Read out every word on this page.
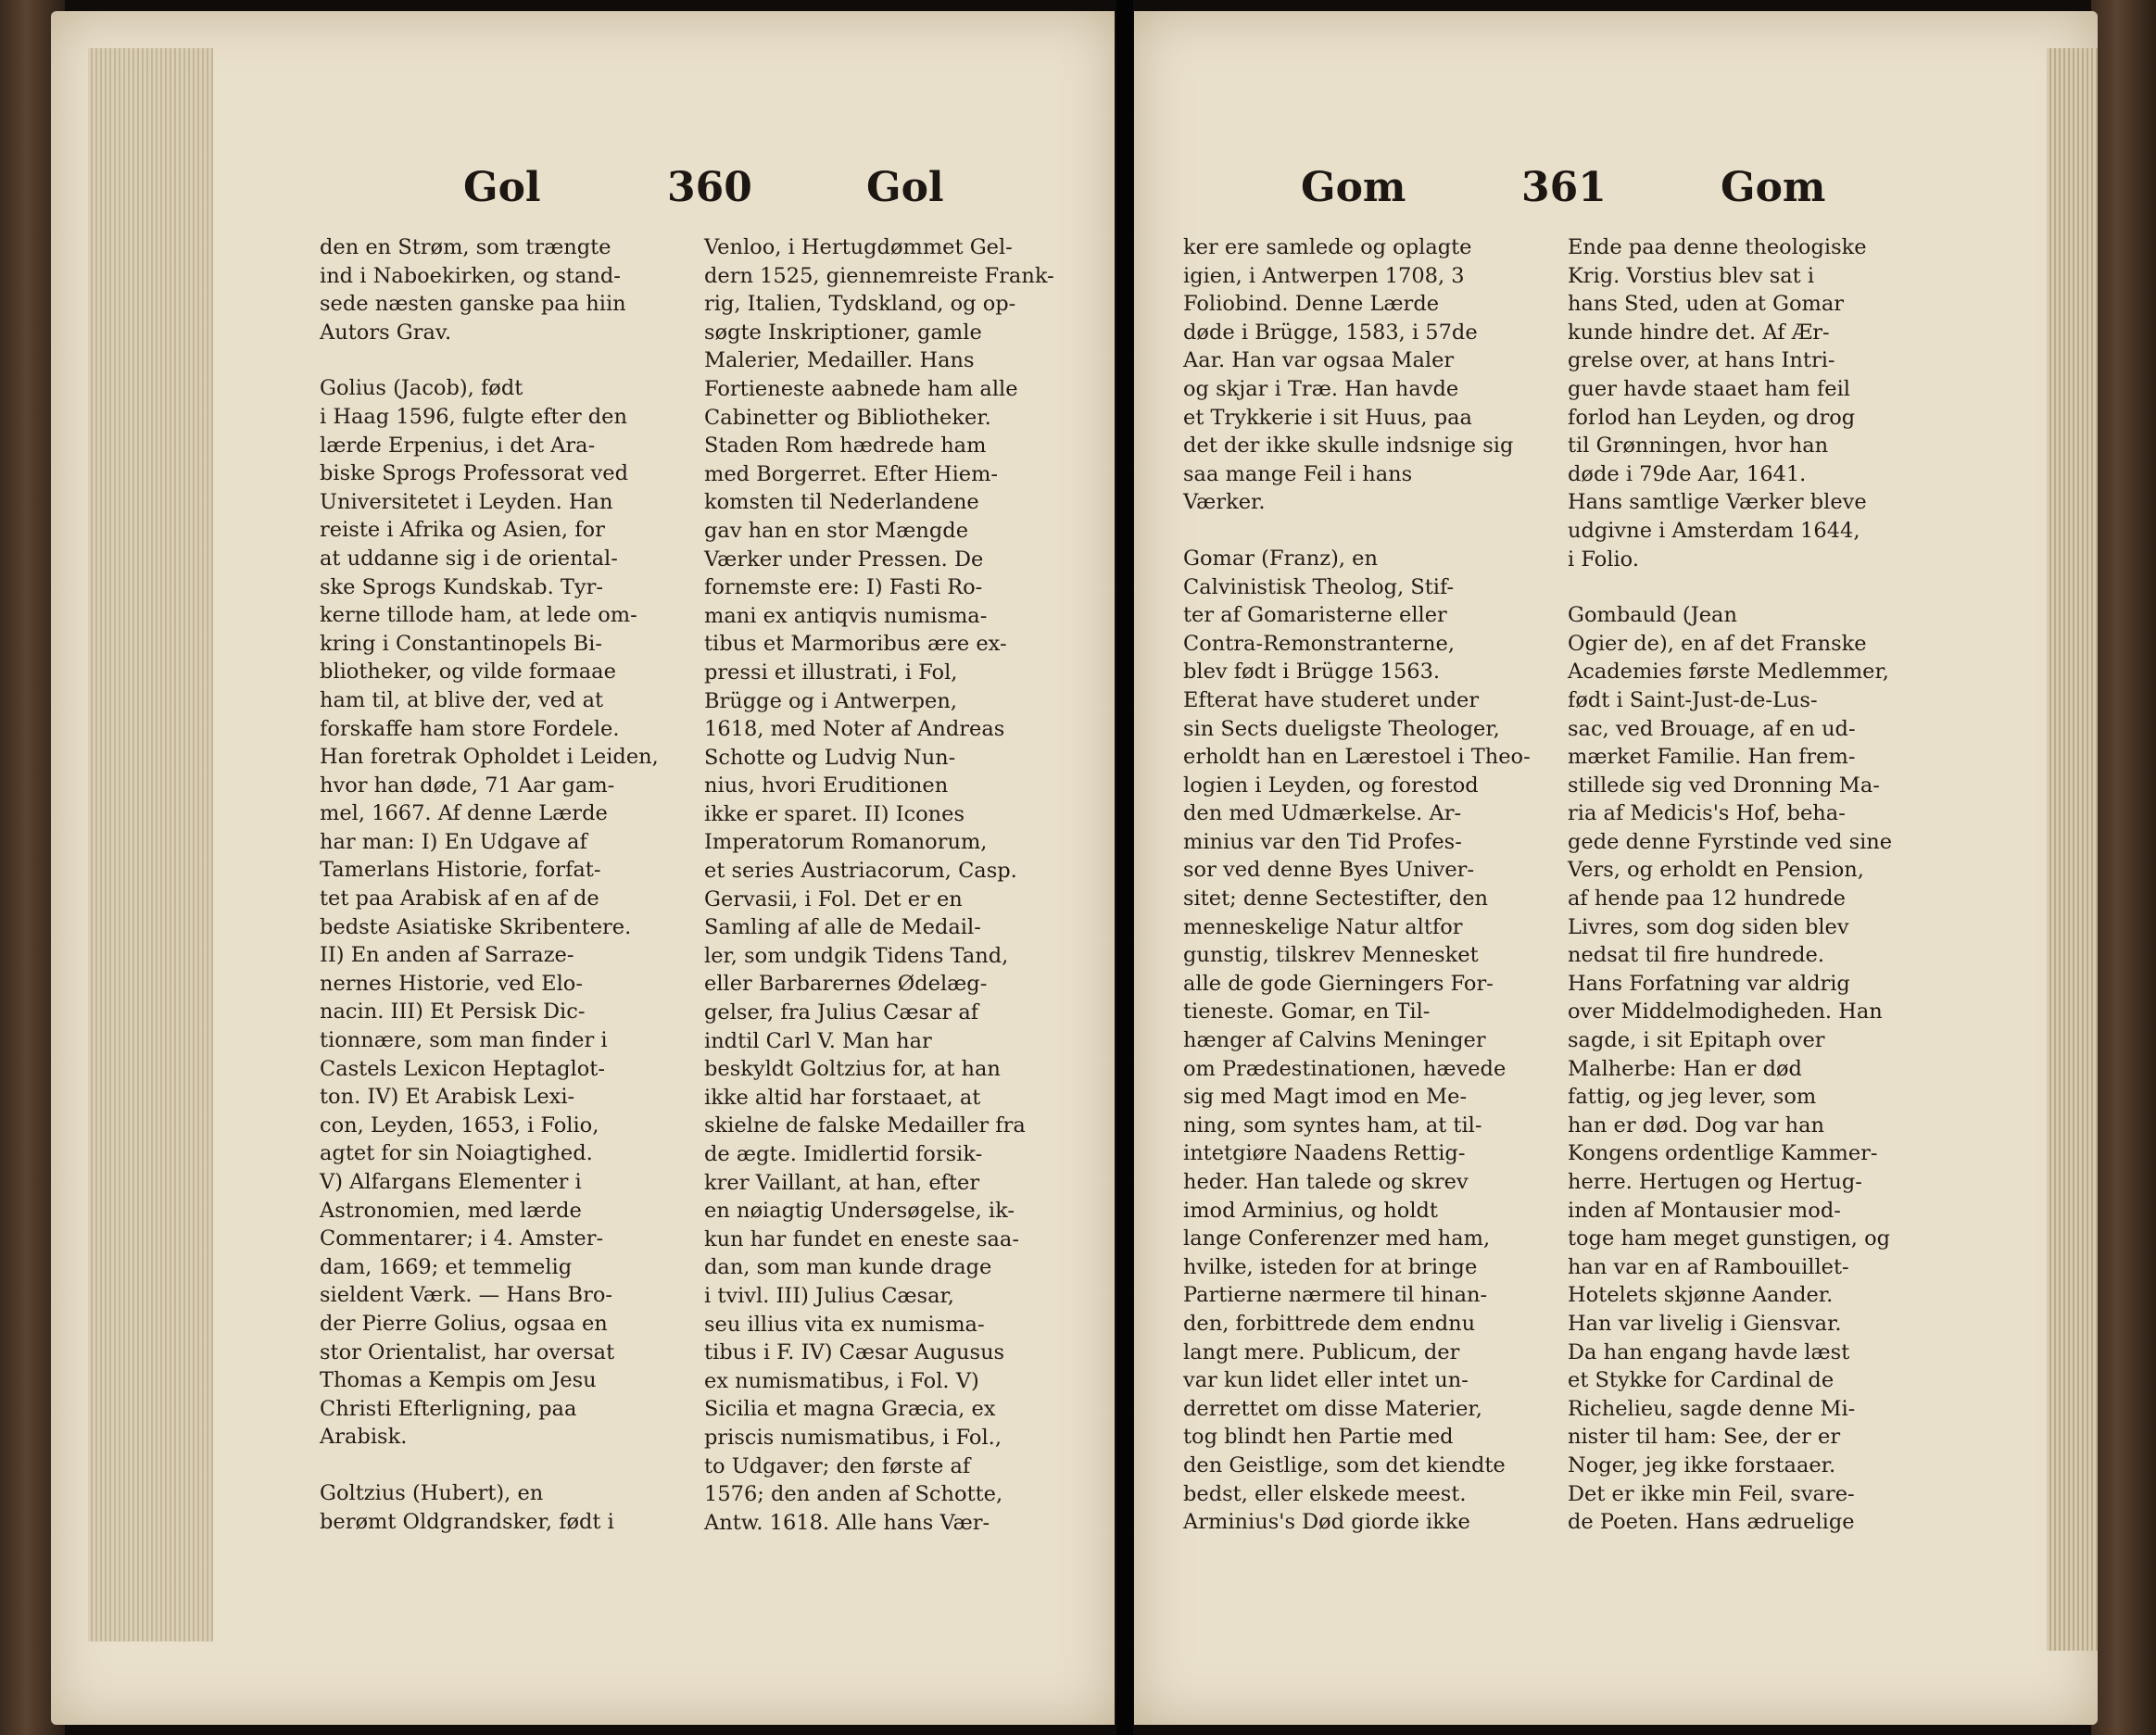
Gol	360	Gol

den en Strøm, som trængte
ind i Naboekirken, og stand-
sede næsten ganske paa hiin
Autors Grav.

Golius (Jacob), født
i Haag 1596, fulgte efter den
lærde Erpenius, i det Ara-
biske Sprogs Professorat ved
Universitetet i Leyden. Han
reiste i Afrika og Asien, for
at uddanne sig i de oriental-
ske Sprogs Kundskab. Tyr-
kerne tillode ham, at lede om-
kring i Constantinopels Bi-
bliotheker, og vilde formaae
ham til, at blive der, ved at
forskaffe ham store Fordele.
Han foretrak Opholdet i Leiden,
hvor han døde, 71 Aar gam-
mel, 1667. Af denne Lærde
har man: I) En Udgave af
Tamerlans Historie, forfat-
tet paa Arabisk af en af de
bedste Asiatiske Skribentere.
II) En anden af Sarraze-
nernes Historie, ved Elo-
nacin. III) Et Persisk Dic-
tionnære, som man finder i
Castels Lexicon Heptaglot-
ton. IV) Et Arabisk Lexi-
con, Leyden, 1653, i Folio,
agtet for sin Noiagtighed.
V) Alfargans Elementer i
Astronomien, med lærde
Commentarer; i 4. Amster-
dam, 1669; et temmelig
sieldent Værk. — Hans Bro-
der Pierre Golius, ogsaa en
stor Orientalist, har oversat
Thomas a Kempis om Jesu
Christi Efterligning, paa
Arabisk.

Goltzius (Hubert), en
berømt Oldgrandsker, født i

Venloo, i Hertugdømmet Gel-
dern 1525, giennemreiste Frank-
rig, Italien, Tydskland, og op-
søgte Inskriptioner, gamle
Malerier, Medailler. Hans
Fortieneste aabnede ham alle
Cabinetter og Bibliotheker.
Staden Rom hædrede ham
med Borgerret. Efter Hiem-
komsten til Nederlandene
gav han en stor Mængde
Værker under Pressen. De
fornemste ere: I) Fasti Ro-
mani ex antiqvis numisma-
tibus et Marmoribus ære ex-
pressi et illustrati, i Fol,
Brügge og i Antwerpen,
1618, med Noter af Andreas
Schotte og Ludvig Nun-
nius, hvori Eruditionen
ikke er sparet. II) Icones
Imperatorum Romanorum,
et series Austriacorum, Casp.
Gervasii, i Fol. Det er en
Samling af alle de Medail-
ler, som undgik Tidens Tand,
eller Barbarernes Ødelæg-
gelser, fra Julius Cæsar af
indtil Carl V. Man har
beskyldt Goltzius for, at han
ikke altid har forstaaet, at
skielne de falske Medailler fra
de ægte. Imidlertid forsik-
krer Vaillant, at han, efter
en nøiagtig Undersøgelse, ik-
kun har fundet en eneste saa-
dan, som man kunde drage
i tvivl. III) Julius Cæsar,
seu illius vita ex numisma-
tibus i F. IV) Cæsar Augusus
ex numismatibus, i Fol. V)
Sicilia et magna Græcia, ex
priscis numismatibus, i Fol.,
to Udgaver; den første af
1576; den anden af Schotte,
Antw. 1618. Alle hans Vær-

Gom	361	Gom

ker ere samlede og oplagte
igien, i Antwerpen 1708, 3
Foliobind. Denne Lærde
døde i Brügge, 1583, i 57de
Aar. Han var ogsaa Maler
og skjar i Træ. Han havde
et Trykkerie i sit Huus, paa
det der ikke skulle indsnige sig
saa mange Feil i hans
Værker.

Gomar (Franz), en
Calvinistisk Theolog, Stif-
ter af Gomaristerne eller
Contra-Remonstranterne,
blev født i Brügge 1563.
Efterat have studeret under
sin Sects dueligste Theologer,
erholdt han en Lærestoel i Theo-
logien i Leyden, og forestod
den med Udmærkelse. Ar-
minius var den Tid Profes-
sor ved denne Byes Univer-
sitet; denne Sectestifter, den
menneskelige Natur altfor
gunstig, tilskrev Mennesket
alle de gode Gierningers For-
tieneste. Gomar, en Til-
hænger af Calvins Meninger
om Prædestinationen, hævede
sig med Magt imod en Me-
ning, som syntes ham, at til-
intetgiøre Naadens Rettig-
heder. Han talede og skrev
imod Arminius, og holdt
lange Conferenzer med ham,
hvilke, isteden for at bringe
Partierne nærmere til hinan-
den, forbittrede dem endnu
langt mere. Publicum, der
var kun lidet eller intet un-
derrettet om disse Materier,
tog blindt hen Partie med
den Geistlige, som det kiendte
bedst, eller elskede meest.
Arminius's Død giorde ikke

Ende paa denne theologiske
Krig. Vorstius blev sat i
hans Sted, uden at Gomar
kunde hindre det. Af Ær-
grelse over, at hans Intri-
guer havde staaet ham feil
forlod han Leyden, og drog
til Grønningen, hvor han
døde i 79de Aar, 1641.
Hans samtlige Værker bleve
udgivne i Amsterdam 1644,
i Folio.

Gombauld (Jean
Ogier de), en af det Franske
Academies første Medlemmer,
født i Saint-Just-de-Lus-
sac, ved Brouage, af en ud-
mærket Familie. Han frem-
stillede sig ved Dronning Ma-
ria af Medicis's Hof, beha-
gede denne Fyrstinde ved sine
Vers, og erholdt en Pension,
af hende paa 12 hundrede
Livres, som dog siden blev
nedsat til fire hundrede.
Hans Forfatning var aldrig
over Middelmodigheden. Han
sagde, i sit Epitaph over
Malherbe: Han er død
fattig, og jeg lever, som
han er død. Dog var han
Kongens ordentlige Kammer-
herre. Hertugen og Hertug-
inden af Montausier mod-
toge ham meget gunstigen, og
han var en af Rambouillet-
Hotelets skjønne Aander.
Han var livelig i Giensvar.
Da han engang havde læst
et Stykke for Cardinal de
Richelieu, sagde denne Mi-
nister til ham: See, der er
Noger, jeg ikke forstaaer.
Det er ikke min Feil, svare-
de Poeten. Hans ædruelige
